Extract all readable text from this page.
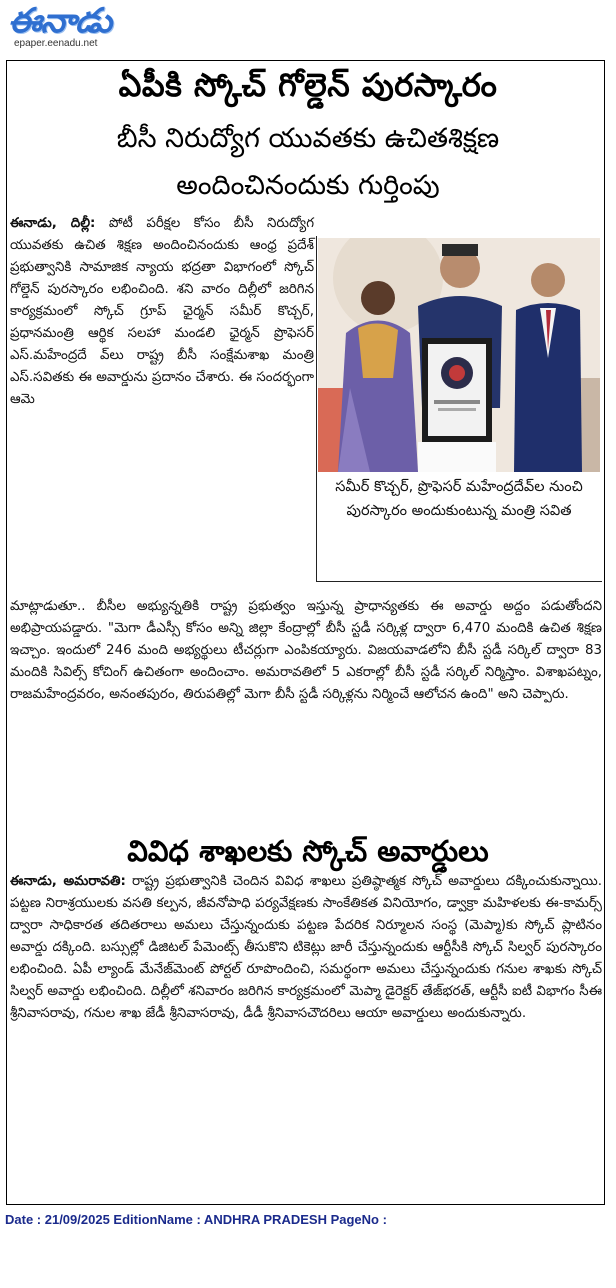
ఈనాడు
epaper.eenadu.net
ఏపీకి స్కోచ్ గోల్డెన్ పురస్కారం
బీసీ నిరుద్యోగ యువతకు ఉచితశిక్షణ
అందించినందుకు గుర్తింపు
ఈనాడు, దిల్లీ: పోటీ పరీక్షల కోసం బీసీ నిరుద్యోగ యువతకు ఉచిత శిక్షణ అందించినందుకు ఆంధ్ర ప్రదేశ్ ప్రభుత్వానికి సామాజిక న్యాయ భద్రతా విభాగంలో స్కోచ్ గోల్డెన్ పురస్కారం లభించింది. శని వారం దిల్లీలో జరిగిన కార్యక్రమంలో స్కోచ్ గ్రూప్ ఛైర్మన్ సమీర్ కొచ్చర్, ప్రధానమంత్రి ఆర్థిక సలహా మండలి ఛైర్మన్ ప్రొఫెసర్ ఎస్.మహేంద్రదే వ్‌లు రాష్ట్ర బీసీ సంక్షేమశాఖ మంత్రి ఎస్.సవితకు ఈ అవార్డును ప్రదానం చేశారు. ఈ సందర్భంగా ఆమె
సమీర్ కొచ్చర్, ప్రొఫెసర్ మహేంద్రదేవ్‌ల నుంచి పురస్కారం అందుకుంటున్న మంత్రి సవిత
మాట్లాడుతూ.. బీసీల అభ్యున్నతికి రాష్ట్ర ప్రభుత్వం ఇస్తున్న ప్రాధాన్యతకు ఈ అవార్డు అద్దం పడుతోందని అభిప్రాయపడ్డారు. "మెగా డీఎస్సీ కోసం అన్ని జిల్లా కేంద్రాల్లో బీసీ స్టడీ సర్కిళ్ల ద్వారా 6,470 మందికి ఉచిత శిక్షణ ఇచ్చాం. ఇందులో 246 మంది అభ్యర్థులు టీచర్లుగా ఎంపికయ్యారు. విజయవాడలోని బీసీ స్టడీ సర్కిల్ ద్వారా 83 మందికి సివిల్స్ కోచింగ్ ఉచితంగా అందించాం. అమరావతిలో 5 ఎకరాల్లో బీసీ స్టడీ సర్కిల్ నిర్మిస్తాం. విశాఖపట్నం, రాజమహేంద్రవరం, అనంతపురం, తిరుపతిల్లో మెగా బీసీ స్టడీ సర్కిళ్లను నిర్మించే ఆలోచన ఉంది" అని చెప్పారు.
వివిధ శాఖలకు స్కోచ్ అవార్డులు
ఈనాడు, అమరావతి: రాష్ట్ర ప్రభుత్వానికి చెందిన వివిధ శాఖలు ప్రతిష్ఠాత్మక స్కోచ్ అవార్డులు దక్కించుకున్నాయి. పట్టణ నిరాశ్రయులకు వసతి కల్పన, జీవనోపాధి పర్యవేక్షణకు సాంకేతికత వినియోగం, డ్వాక్రా మహిళలకు ఈ-కామర్స్ ద్వారా సాధికారత తదితరాలు అమలు చేస్తున్నందుకు పట్టణ పేదరిక నిర్మూలన సంస్థ (మెప్మా)కు స్కోచ్ ప్లాటినం అవార్డు దక్కింది. బస్సుల్లో డిజిటల్ పేమెంట్స్ తీసుకొని టికెట్లు జారీ చేస్తున్నందుకు ఆర్టీసీకి స్కోచ్ సిల్వర్ పురస్కారం లభించింది. ఏపీ ల్యాండ్ మేనేజ్‌మెంట్ పోర్టల్ రూపొందించి, సమర్థంగా అమలు చేస్తున్నందుకు గనుల శాఖకు స్కోచ్ సిల్వర్ అవార్డు లభించింది. దిల్లీలో శనివారం జరిగిన కార్యక్రమంలో మెప్మా డైరెక్టర్ తేజ్‌భరత్, ఆర్టీసీ ఐటీ విభాగం సీఈ శ్రీనివాసరావు, గనుల శాఖ జేడీ శ్రీనివాసరావు, డీడీ శ్రీనివాసచౌదరిలు ఆయా అవార్డులు అందుకున్నారు.
Date : 21/09/2025 EditionName : ANDHRA PRADESH PageNo :
